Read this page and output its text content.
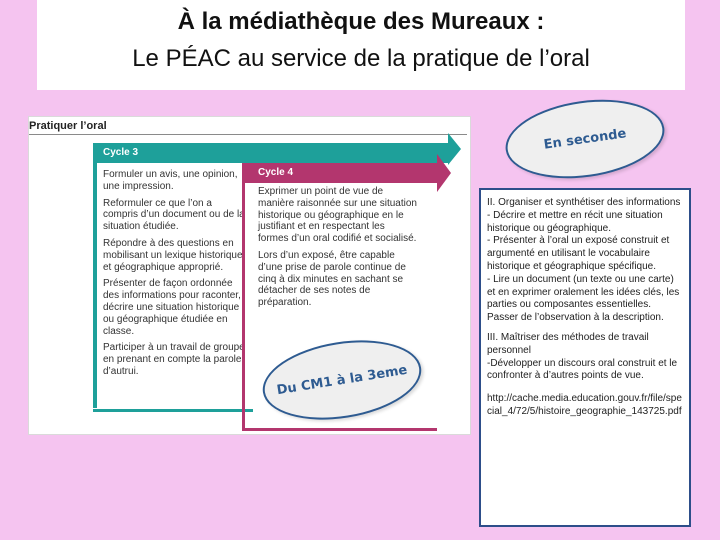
À la médiathèque des Mureaux :
Le PÉAC au service de la pratique de l’oral
Pratiquer l’oral
Cycle 3

Formuler un avis, une opinion, une impression.

Reformuler ce que l’on a compris d’un document ou de la situation étudiée.

Répondre à des questions en mobilisant un lexique historique et géographique approprié.

Présenter de façon ordonnée des informations pour raconter, décrire une situation historique ou géographique étudiée en classe.

Participer à un travail de groupe en prenant en compte la parole d’autrui.

Cycle 4

Exprimer un point de vue de manière raisonnée sur une situation historique ou géographique en le justifiant et en respectant les formes d’un oral codifié et socialisé.

Lors d’un exposé, être capable d’une prise de parole continue de cinq à dix minutes en sachant se détacher de ses notes de préparation.

En seconde
Du CM1 à la 3eme

II. Organiser et synthétiser des informations

- Décrire et mettre en récit une situation historique ou géographique.

- Présenter à l’oral un exposé construit et argumenté en utilisant le vocabulaire historique et géographique spécifique.

- Lire un document (un texte ou une carte) et en exprimer oralement les idées clés, les parties ou composantes essentielles. Passer de l’observation à la description.

III. Maîtriser des méthodes de travail personnel

-Développer un discours oral construit et le confronter à d’autres points de vue.

http://cache.media.education.gouv.fr/file/special_4/72/5/histoire_geographie_143725.pdf
